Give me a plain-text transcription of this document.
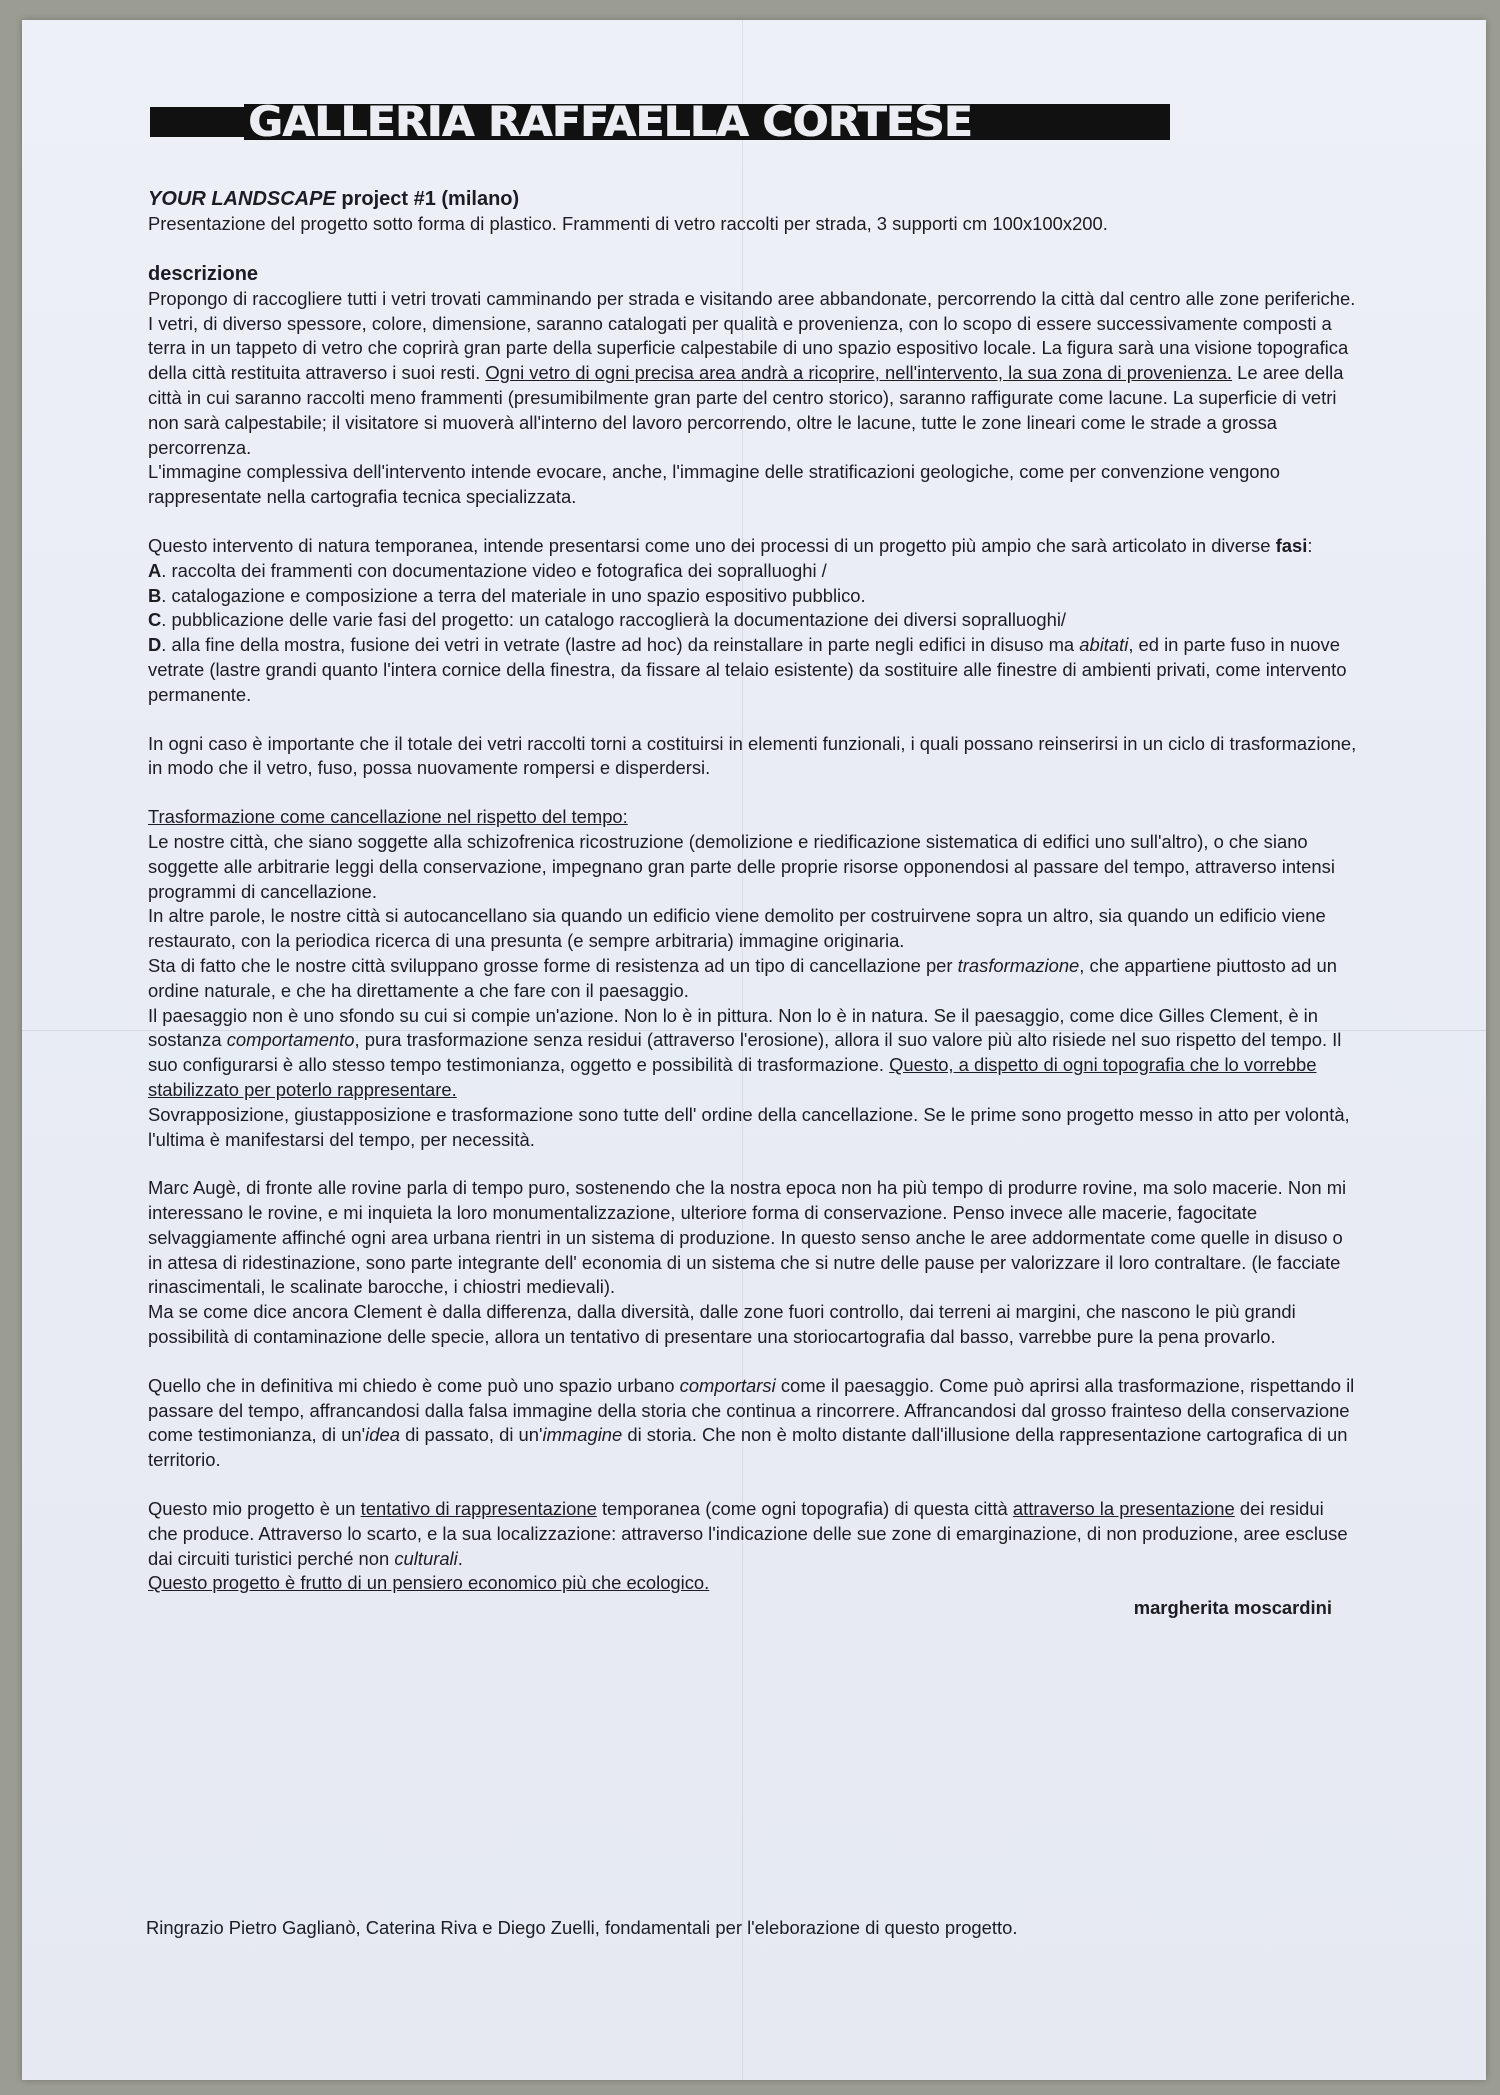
GALLERIA RAFFAELLA CORTESE

YOUR LANDSCAPE project #1 (milano)

Presentazione del progetto sotto forma di plastico. Frammenti di vetro raccolti per strada, 3 supporti cm 100x100x200.

descrizione

Propongo di raccogliere tutti i vetri trovati camminando per strada e visitando aree abbandonate, percorrendo la città dal centro alle zone periferiche.

I vetri, di diverso spessore, colore, dimensione, saranno catalogati per qualità e provenienza, con lo scopo di essere successivamente composti a terra in un tappeto di vetro che coprirà gran parte della superficie calpestabile di uno spazio espositivo locale. La figura sarà una visione topografica della città restituita attraverso i suoi resti. Ogni vetro di ogni precisa area andrà a ricoprire, nell'intervento, la sua zona di provenienza. Le aree della città in cui saranno raccolti meno frammenti (presumibilmente gran parte del centro storico), saranno raffigurate come lacune. La superficie di vetri non sarà calpestabile; il visitatore si muoverà all'interno del lavoro percorrendo, oltre le lacune, tutte le zone lineari come le strade a grossa percorrenza.

L'immagine complessiva dell'intervento intende evocare, anche, l'immagine delle stratificazioni geologiche, come per convenzione vengono rappresentate nella cartografia tecnica specializzata.

Questo intervento di natura temporanea, intende presentarsi come uno dei processi di un progetto più ampio che sarà articolato in diverse fasi:

A. raccolta dei frammenti con documentazione video e fotografica dei sopralluoghi /

B. catalogazione e composizione a terra del materiale in uno spazio espositivo pubblico.

C. pubblicazione delle varie fasi del progetto: un catalogo raccoglierà la documentazione dei diversi sopralluoghi/

D. alla fine della mostra, fusione dei vetri in vetrate (lastre ad hoc) da reinstallare in parte negli edifici in disuso ma abitati, ed in parte fuso in nuove vetrate (lastre grandi quanto l'intera cornice della finestra, da fissare al telaio esistente) da sostituire alle finestre di ambienti privati, come intervento permanente.

In ogni caso è importante che il totale dei vetri raccolti torni a costituirsi in elementi funzionali, i quali possano reinserirsi in un ciclo di trasformazione, in modo che il vetro, fuso, possa nuovamente rompersi e disperdersi.

Trasformazione come cancellazione nel rispetto del tempo:

Le nostre città, che siano soggette alla schizofrenica ricostruzione (demolizione e riedificazione sistematica di edifici uno sull'altro), o che siano soggette alle arbitrarie leggi della conservazione, impegnano gran parte delle proprie risorse opponendosi al passare del tempo, attraverso intensi programmi di cancellazione.

In altre parole, le nostre città si autocancellano sia quando un edificio viene demolito per costruirvene sopra un altro, sia quando un edificio viene restaurato, con la periodica ricerca di una presunta (e sempre arbitraria) immagine originaria.

Sta di fatto che le nostre città sviluppano grosse forme di resistenza ad un tipo di cancellazione per trasformazione, che appartiene piuttosto ad un ordine naturale, e che ha direttamente a che fare con il paesaggio.

Il paesaggio non è uno sfondo su cui si compie un'azione. Non lo è in pittura. Non lo è in natura. Se il paesaggio, come dice Gilles Clement, è in sostanza comportamento, pura trasformazione senza residui (attraverso l'erosione), allora il suo valore più alto risiede nel suo rispetto del tempo. Il suo configurarsi è allo stesso tempo testimonianza, oggetto e possibilità di trasformazione. Questo, a dispetto di ogni topografia che lo vorrebbe stabilizzato per poterlo rappresentare.

Sovrapposizione, giustapposizione e trasformazione sono tutte dell' ordine della cancellazione. Se le prime sono progetto messo in atto per volontà, l'ultima è manifestarsi del tempo, per necessità.

Marc Augè, di fronte alle rovine parla di tempo puro, sostenendo che la nostra epoca non ha più tempo di produrre rovine, ma solo macerie. Non mi interessano le rovine, e mi inquieta la loro monumentalizzazione, ulteriore forma di conservazione. Penso invece alle macerie, fagocitate selvaggiamente affinché ogni area urbana rientri in un sistema di produzione. In questo senso anche le aree addormentate come quelle in disuso o in attesa di ridestinazione, sono parte integrante dell' economia di un sistema che si nutre delle pause per valorizzare il loro contraltare. (le facciate rinascimentali, le scalinate barocche, i chiostri medievali).

Ma se come dice ancora Clement è dalla differenza, dalla diversità, dalle zone fuori controllo, dai terreni ai margini, che nascono le più grandi possibilità di contaminazione delle specie, allora un tentativo di presentare una storiocartografia dal basso, varrebbe pure la pena provarlo.

Quello che in definitiva mi chiedo è come può uno spazio urbano comportarsi come il paesaggio. Come può aprirsi alla trasformazione, rispettando il passare del tempo, affrancandosi dalla falsa immagine della storia che continua a rincorrere. Affrancandosi dal grosso frainteso della conservazione come testimonianza, di un'idea di passato, di un'immagine di storia. Che non è molto distante dall'illusione della rappresentazione cartografica di un territorio.

Questo mio progetto è un tentativo di rappresentazione temporanea (come ogni topografia) di questa città attraverso la presentazione dei residui che produce. Attraverso lo scarto, e la sua localizzazione: attraverso l'indicazione delle sue zone di emarginazione, di non produzione, aree escluse dai circuiti turistici perché non culturali.

Questo progetto è frutto di un pensiero economico più che ecologico.

margherita moscardini

Ringrazio Pietro Gaglianò, Caterina Riva e Diego Zuelli, fondamentali per l'eleborazione di questo progetto.
